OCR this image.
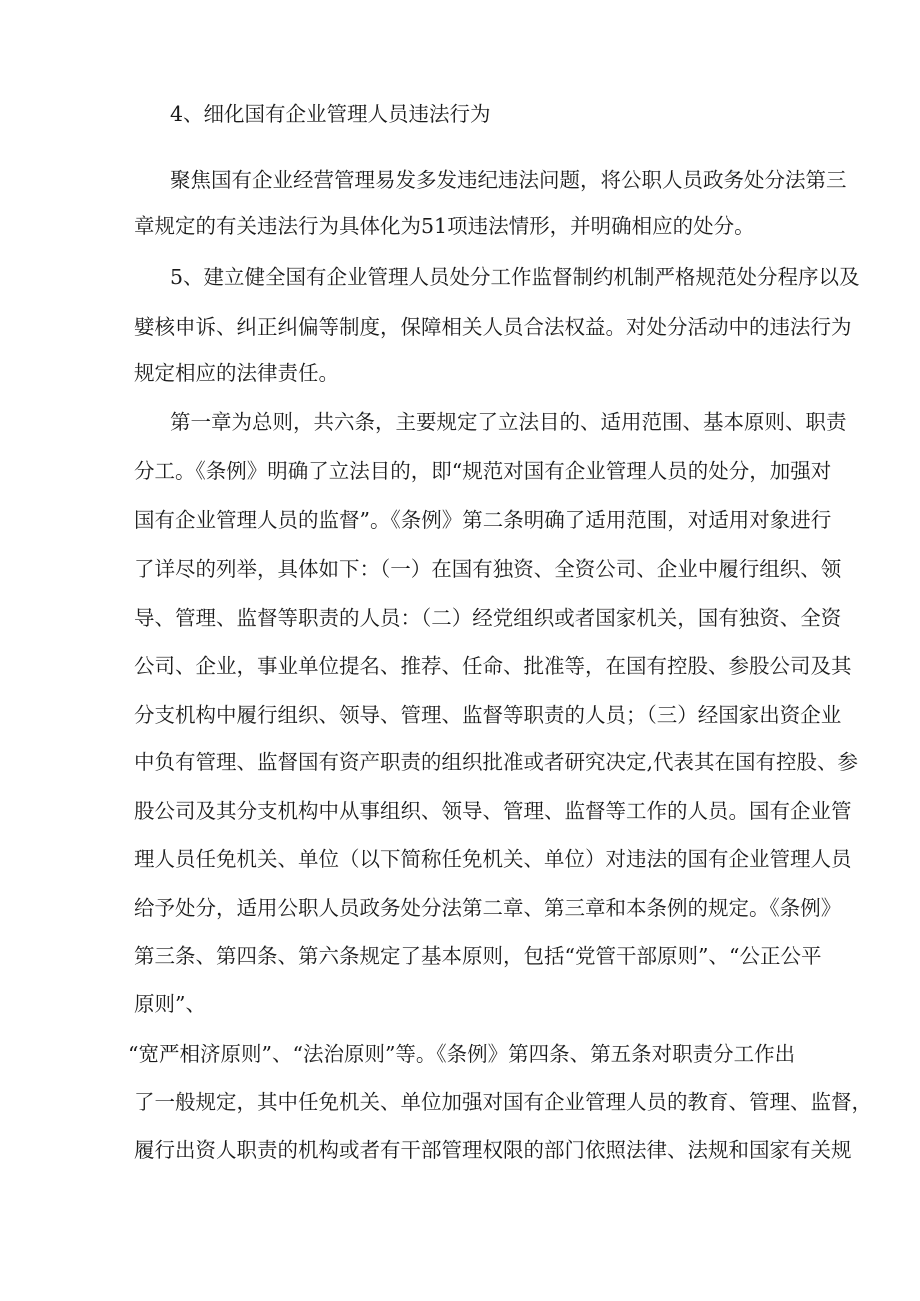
4、细化国有企业管理人员违法行为
聚焦国有企业经营管理易发多发违纪违法问题，将公职人员政务处分法第三
章规定的有关违法行为具体化为51项违法情形，并明确相应的处分。
5、建立健全国有企业管理人员处分工作监督制约机制严格规范处分程序以及
嬖核申诉、纠正纠偏等制度，保障相关人员合法权益。对处分活动中的违法行为
规定相应的法律责任。
第一章为总则，共六条，主要规定了立法目的、适用范围、基本原则、职责
分工。《条例》明确了立法目的，即“规范对国有企业管理人员的处分，加强对
国有企业管理人员的监督”。《条例》第二条明确了适用范围，对适用对象进行
了详尽的列举，具体如下：（一）在国有独资、全资公司、企业中履行组织、领
导、管理、监督等职责的人员：（二）经党组织或者国家机关，国有独资、全资
公司、企业，事业单位提名、推荐、任命、批准等，在国有控股、参股公司及其
分支机构中履行组织、领导、管理、监督等职责的人员；（三）经国家出资企业
中负有管理、监督国有资产职责的组织批准或者研究决定,代表其在国有控股、参
股公司及其分支机构中从事组织、领导、管理、监督等工作的人员。国有企业管
理人员任免机关、单位（以下简称任免机关、单位）对违法的国有企业管理人员
给予处分，适用公职人员政务处分法第二章、第三章和本条例的规定。《条例》
第三条、第四条、第六条规定了基本原则，包括“党管干部原则”、“公正公平
原则”、
“宽严相济原则”、“法治原则”等。《条例》第四条、第五条对职责分工作出
了一般规定，其中任免机关、单位加强对国有企业管理人员的教育、管理、监督，
履行出资人职责的机构或者有干部管理权限的部门依照法律、法规和国家有关规
